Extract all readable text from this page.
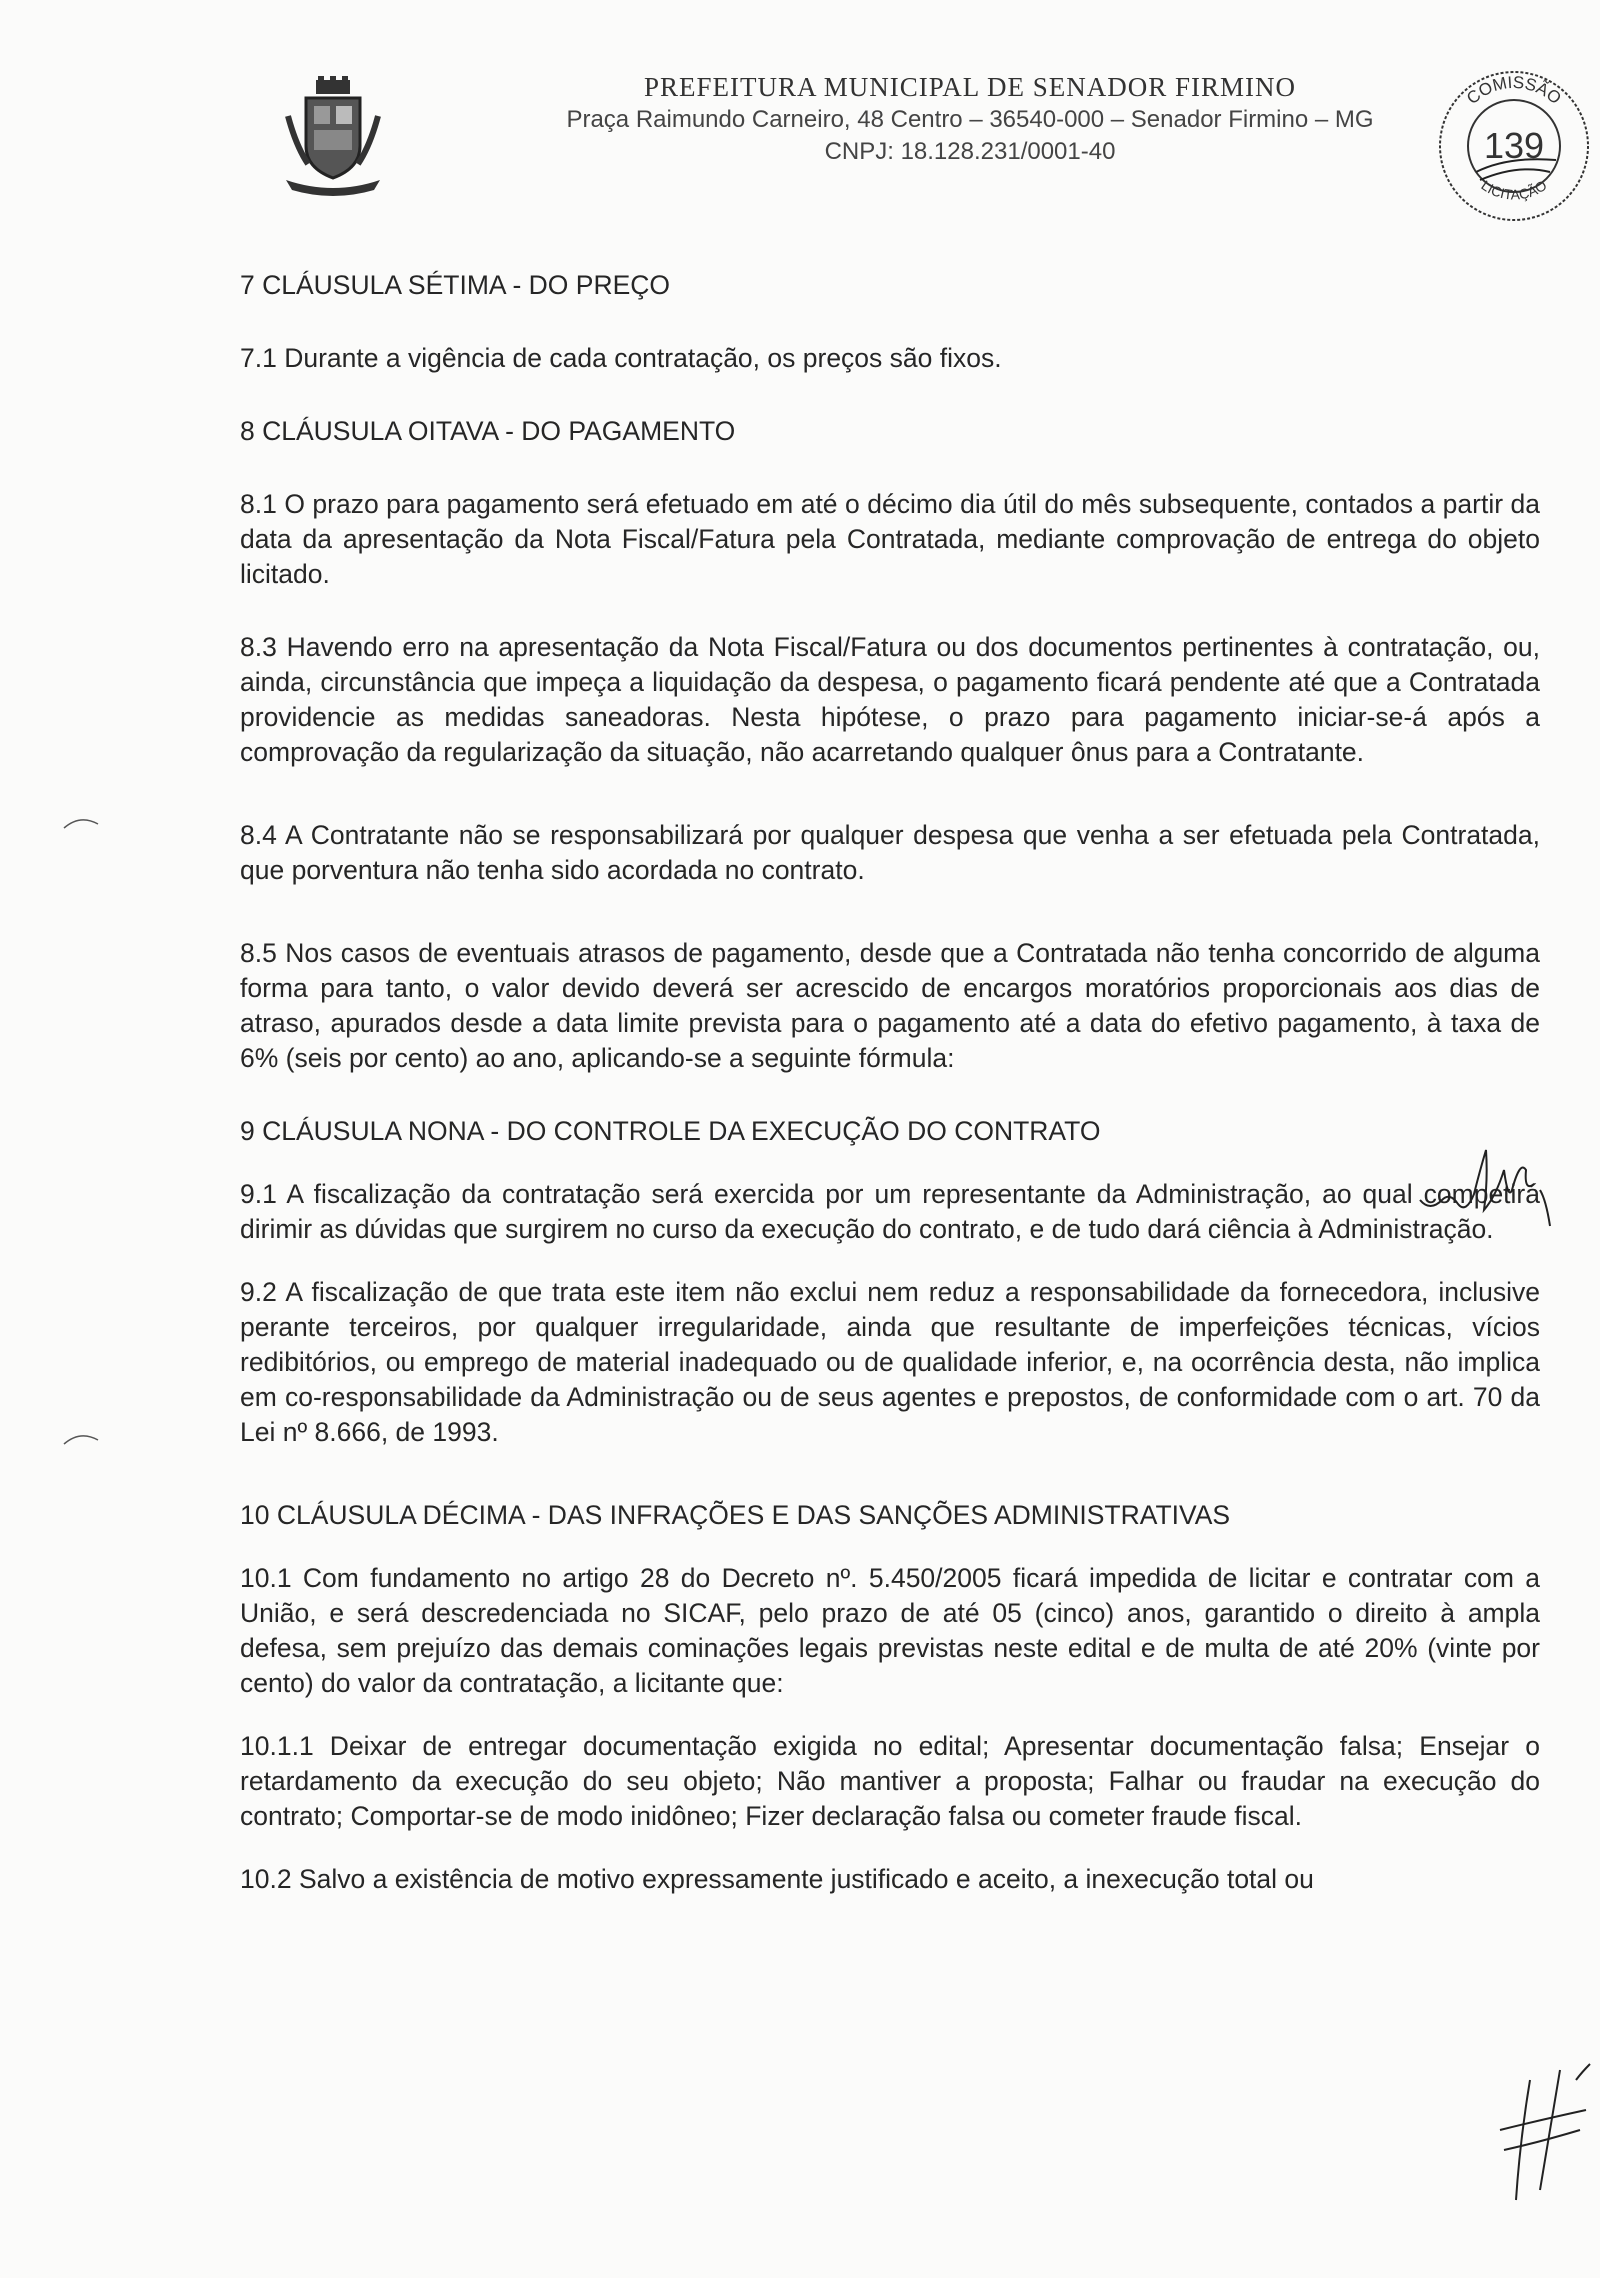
PREFEITURA MUNICIPAL DE SENADOR FIRMINO
Praça Raimundo Carneiro, 48 Centro – 36540-000 – Senador Firmino – MG
CNPJ: 18.128.231/0001-40
COMISSÃO
LICITAÇÃO
139

7 CLÁUSULA SÉTIMA - DO PREÇO

7.1 Durante a vigência de cada contratação, os preços são fixos.

8 CLÁUSULA OITAVA - DO PAGAMENTO

8.1 O prazo para pagamento será efetuado em até o décimo dia útil do mês subsequente, contados a partir da data da apresentação da Nota Fiscal/Fatura pela Contratada, mediante comprovação de entrega do objeto licitado.

8.3 Havendo erro na apresentação da Nota Fiscal/Fatura ou dos documentos pertinentes à contratação, ou, ainda, circunstância que impeça a liquidação da despesa, o pagamento ficará pendente até que a Contratada providencie as medidas saneadoras. Nesta hipótese, o prazo para pagamento iniciar-se-á após a comprovação da regularização da situação, não acarretando qualquer ônus para a Contratante.

8.4 A Contratante não se responsabilizará por qualquer despesa que venha a ser efetuada pela Contratada, que porventura não tenha sido acordada no contrato.

8.5 Nos casos de eventuais atrasos de pagamento, desde que a Contratada não tenha concorrido de alguma forma para tanto, o valor devido deverá ser acrescido de encargos moratórios proporcionais aos dias de atraso, apurados desde a data limite prevista para o pagamento até a data do efetivo pagamento, à taxa de 6% (seis por cento) ao ano, aplicando-se a seguinte fórmula:

9 CLÁUSULA NONA - DO CONTROLE DA EXECUÇÃO DO CONTRATO

9.1 A fiscalização da contratação será exercida por um representante da Administração, ao qual competirá dirimir as dúvidas que surgirem no curso da execução do contrato, e de tudo dará ciência à Administração.

9.2 A fiscalização de que trata este item não exclui nem reduz a responsabilidade da fornecedora, inclusive perante terceiros, por qualquer irregularidade, ainda que resultante de imperfeições técnicas, vícios redibitórios, ou emprego de material inadequado ou de qualidade inferior, e, na ocorrência desta, não implica em co-responsabilidade da Administração ou de seus agentes e prepostos, de conformidade com o art. 70 da Lei nº 8.666, de 1993.

10 CLÁUSULA DÉCIMA - DAS INFRAÇÕES E DAS SANÇÕES ADMINISTRATIVAS

10.1 Com fundamento no artigo 28 do Decreto nº. 5.450/2005 ficará impedida de licitar e contratar com a União, e será descredenciada no SICAF, pelo prazo de até 05 (cinco) anos, garantido o direito à ampla defesa, sem prejuízo das demais cominações legais previstas neste edital e de multa de até 20% (vinte por cento) do valor da contratação, a licitante que:

10.1.1 Deixar de entregar documentação exigida no edital; Apresentar documentação falsa; Ensejar o retardamento da execução do seu objeto; Não mantiver a proposta; Falhar ou fraudar na execução do contrato; Comportar-se de modo inidôneo; Fizer declaração falsa ou cometer fraude fiscal.

10.2 Salvo a existência de motivo expressamente justificado e aceito, a inexecução total ou
